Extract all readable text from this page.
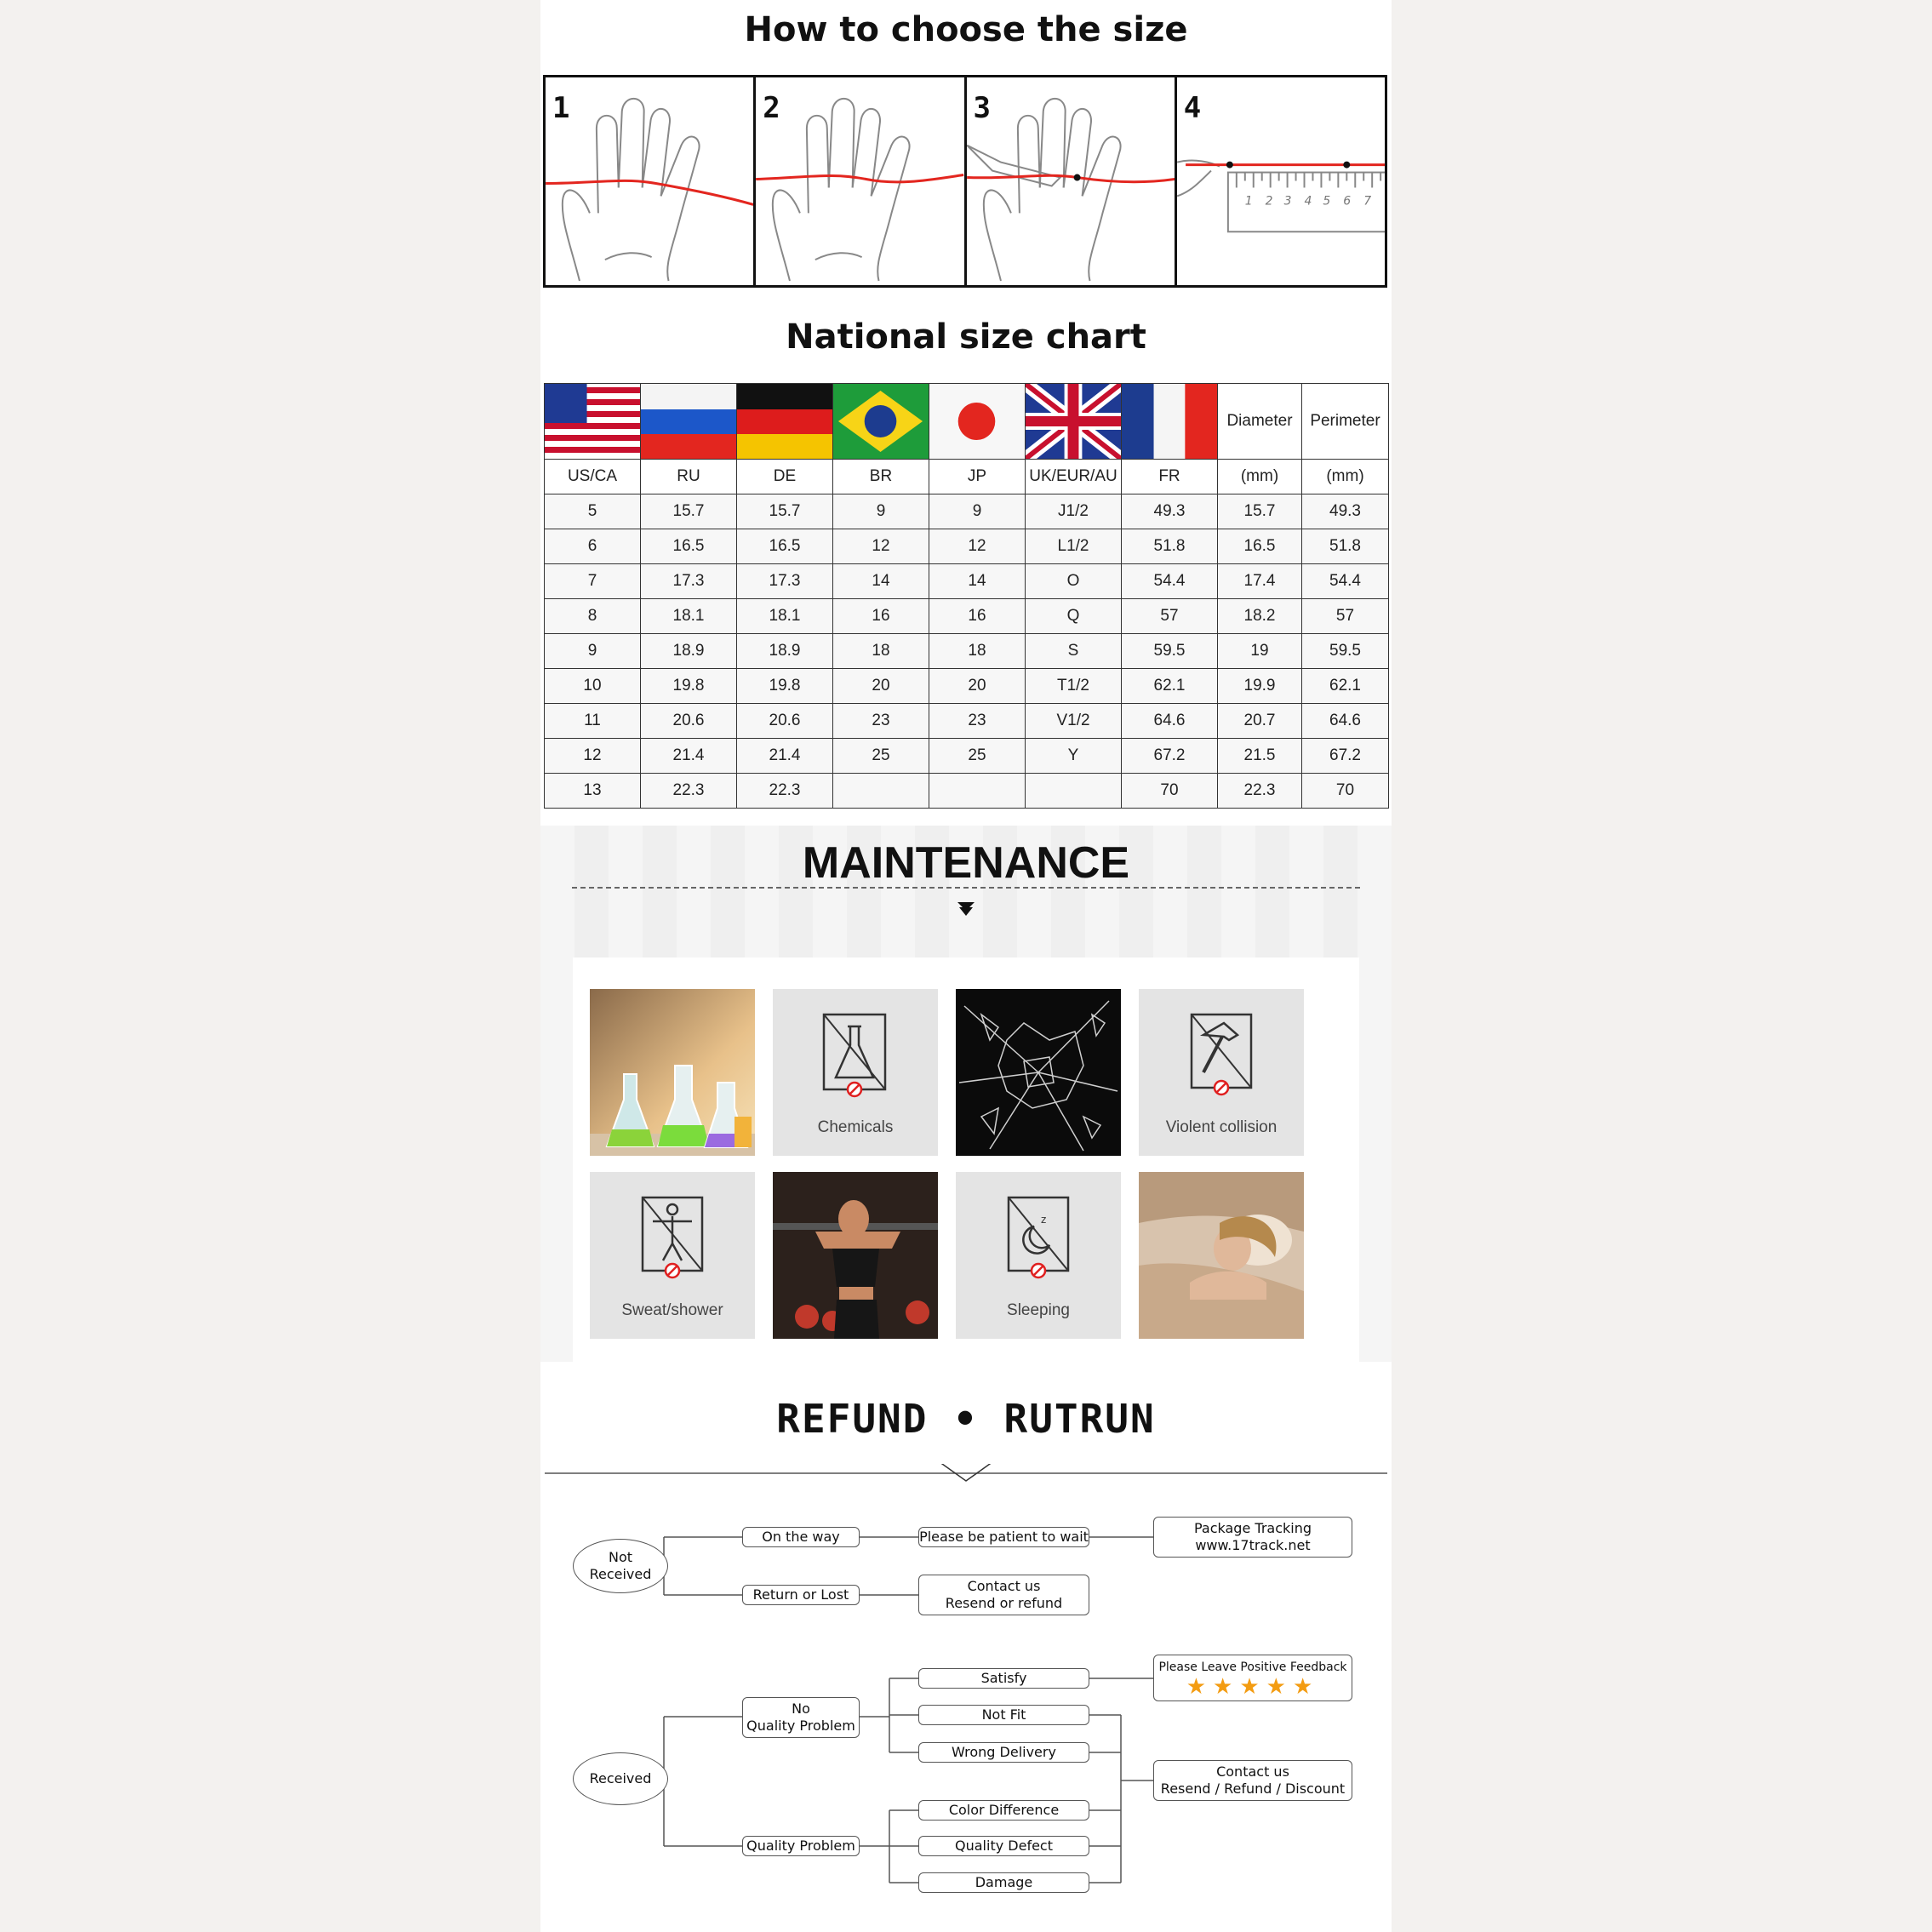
How to choose the size
1	2	3
1 2 3 4 5 6 7
4
National size chart

	Diameter	Perimeter
US/CA	RU	DE	BR	JP	UK/EUR/AU	FR	(mm)	(mm)
5	15.7	15.7	9	9	J1/2	49.3	15.7	49.3
6	16.5	16.5	12	12	L1/2	51.8	16.5	51.8
7	17.3	17.3	14	14	O	54.4	17.4	54.4
8	18.1	18.1	16	16	Q	57	18.2	57
9	18.9	18.9	18	18	S	59.5	19	59.5
10	19.8	19.8	20	20	T1/2	62.1	19.9	62.1
11	20.6	20.6	23	23	V1/2	64.6	20.7	64.6
12	21.4	21.4	25	25	Y	67.2	21.5	67.2
13	22.3	22.3				70	22.3	70
MAINTENANCE
Chemicals	Violent collision
Sweat/shower
z
Sleeping
REFUND • RUTRUN
Not
Received
On the way	Please be patient to wait
Package Tracking
www.17track.net
Return or Lost
Contact us
Resend or refund
Received
No
Quality Problem
Quality Problem
Satisfy
Not Fit
Wrong Delivery
Color Difference
Quality Defect
Damage
Please Leave Positive Feedback
★★★★★
Contact us
Resend / Refund / Discount
